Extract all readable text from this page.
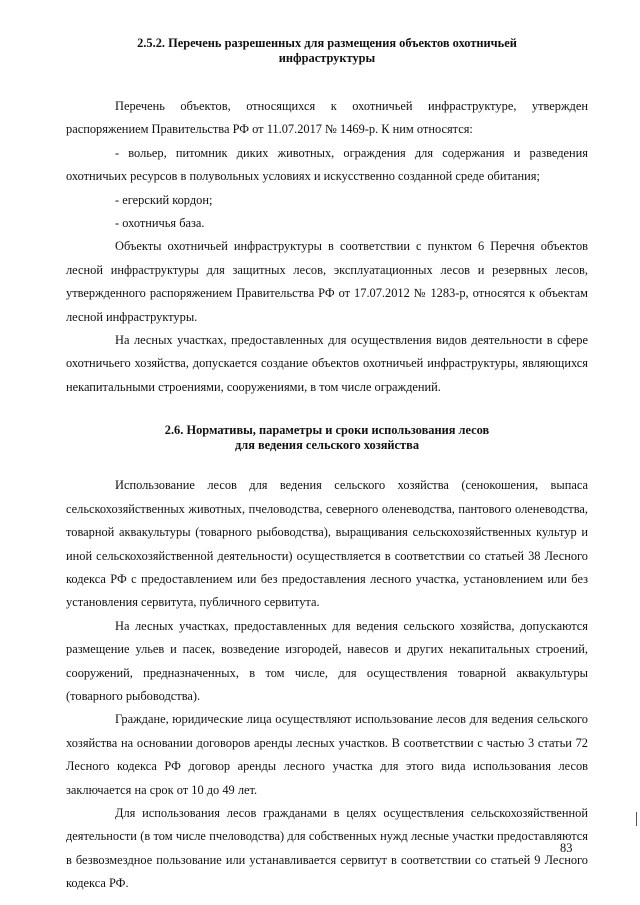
2.5.2. Перечень разрешенных для размещения объектов охотничьей
инфраструктуры

Перечень объектов, относящихся к охотничьей инфраструктуре, утвержден распоряжением Правительства РФ от 11.07.2017 № 1469-р. К ним относятся:

- вольер, питомник диких животных, ограждения для содержания и разведения охотничьих ресурсов в полувольных условиях и искусственно созданной среде обитания;

- егерский кордон;

- охотничья база.

Объекты охотничьей инфраструктуры в соответствии с пунктом 6 Перечня объектов лесной инфраструктуры для защитных лесов, эксплуатационных лесов и резервных лесов, утвержденного распоряжением Правительства РФ от 17.07.2012 № 1283-р, относятся к объектам лесной инфраструктуры.

На лесных участках, предоставленных для осуществления видов деятельности в сфере охотничьего хозяйства, допускается создание объектов охотничьей инфраструктуры, являющихся некапитальными строениями, сооружениями, в том числе ограждений.

2.6. Нормативы, параметры и сроки использования лесов
для ведения сельского хозяйства

Использование лесов для ведения сельского хозяйства (сенокошения, выпаса сельскохозяйственных животных, пчеловодства, северного оленеводства, пантового оленеводства, товарной аквакультуры (товарного рыбоводства), выращивания сельскохозяйственных культур и иной сельскохозяйственной деятельности) осуществляется в соответствии со статьей 38 Лесного кодекса РФ с предоставлением или без предоставления лесного участка, установлением или без установления сервитута, публичного сервитута.

На лесных участках, предоставленных для ведения сельского хозяйства, допускаются размещение ульев и пасек, возведение изгородей, навесов и других некапитальных строений, сооружений, предназначенных, в том числе, для осуществления товарной аквакультуры (товарного рыбоводства).

Граждане, юридические лица осуществляют использование лесов для ведения сельского хозяйства на основании договоров аренды лесных участков. В соответствии с частью 3 статьи 72 Лесного кодекса РФ договор аренды лесного участка для этого вида использования лесов заключается на срок от 10 до 49 лет.

Для использования лесов гражданами в целях осуществления сельскохозяйственной деятельности (в том числе пчеловодства) для собственных нужд лесные участки предоставляются в безвозмездное пользование или устанавливается сервитут в соответствии со статьей 9 Лесного кодекса РФ.

83
